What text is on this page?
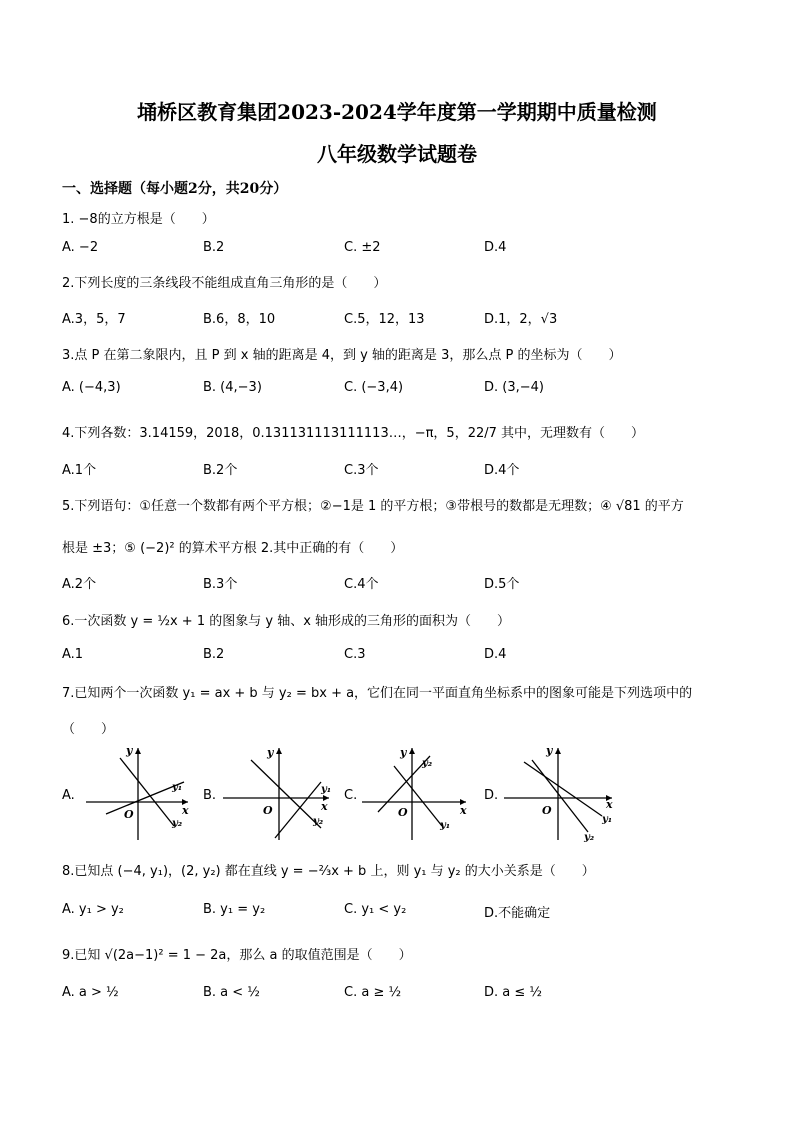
埇桥区教育集团2023-2024学年度第一学期期中质量检测
八年级数学试题卷
一、选择题（每小题2分，共20分）
1. −8的立方根是（　　）
A. −2	B.2	C. ±2	D.4
2.下列长度的三条线段不能组成直角三角形的是（　　）
A.3，5，7	B.6，8，10	C.5，12，13	D.1，2，√3
3.点 P 在第二象限内，且 P 到 x 轴的距离是 4，到 y 轴的距离是 3，那么点 P 的坐标为（　　）
A. (−4,3)	B. (4,−3)	C. (−3,4)	D. (3,−4)
4.下列各数：3.14159，2018，0.131131113111113…，−π，5，22/7 其中，无理数有（　　）
A.1个	B.2个	C.3个	D.4个
5.下列语句：①任意一个数都有两个平方根；②−1是 1 的平方根；③带根号的数都是无理数；④ √81 的平方
根是 ±3；⑤ (−2)² 的算术平方根 2.其中正确的有（　　）
A.2个	B.3个	C.4个	D.5个
6.一次函数 y = ½x + 1 的图象与 y 轴、x 轴形成的三角形的面积为（　　）
A.1	B.2	C.3	D.4
7.已知两个一次函数 y₁ = ax + b 与 y₂ = bx + a，它们在同一平面直角坐标系中的图象可能是下列选项中的
（　　）
A.
y
O
y₁
x
y₂
B.
y
O
y₁
x
y₂
C.
y
y₂
O	x
y₁
D.
y
O	x
y₁
y₂
8.已知点 (−4, y₁)，(2, y₂) 都在直线 y = −⅔x + b 上，则 y₁ 与 y₂ 的大小关系是（　　）
A. y₁ > y₂	B. y₁ = y₂	C. y₁ < y₂	D.不能确定
9.已知 √(2a−1)² = 1 − 2a，那么 a 的取值范围是（　　）
A. a > ½	B. a < ½	C. a ≥ ½	D. a ≤ ½
